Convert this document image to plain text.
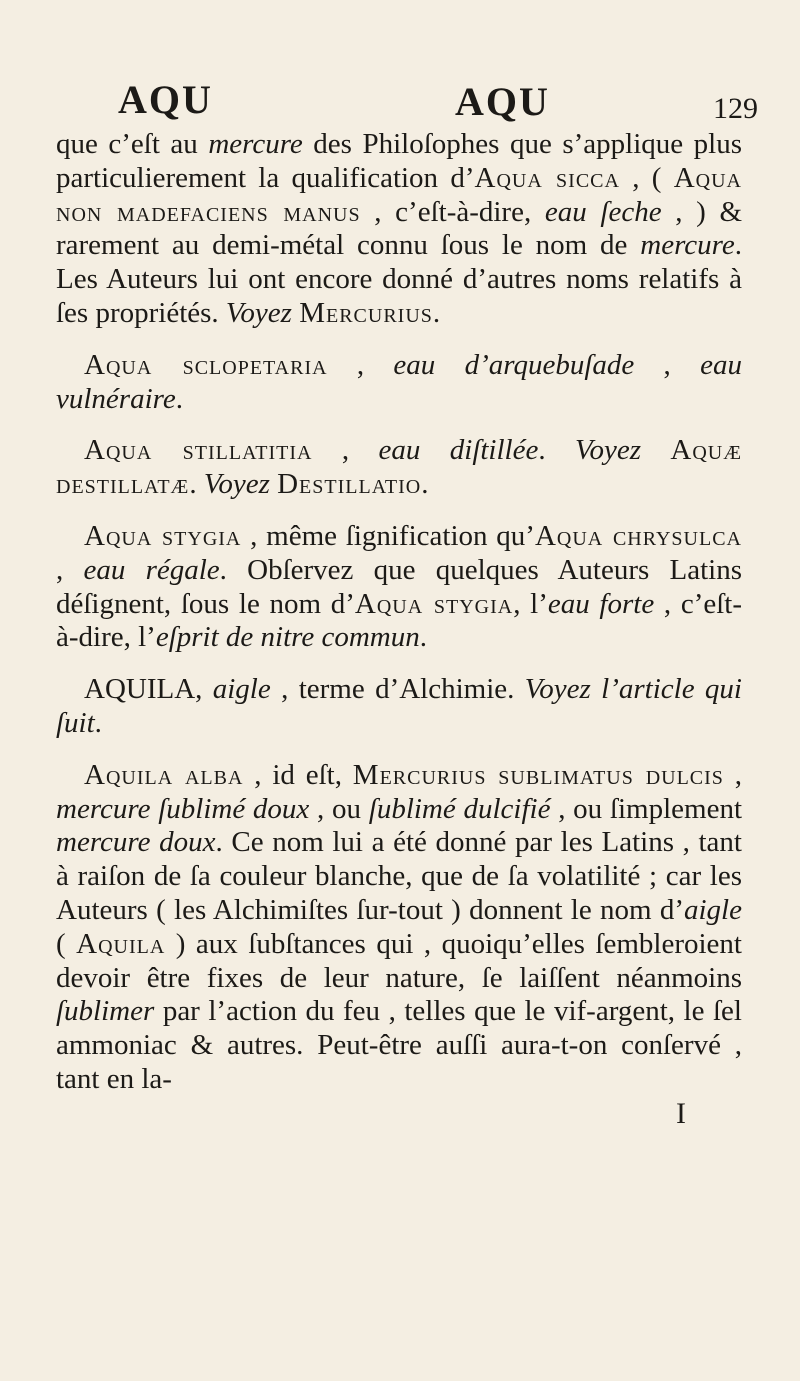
AQU	AQU	129

que c’eſt au mercure des Philoſophes que s’applique plus particulierement la qualification d’Aqua sicca , ( Aqua non madefaciens manus , c’eſt-à-dire, eau ſeche , ) & rarement au demi-métal connu ſous le nom de mercure. Les Auteurs lui ont encore donné d’autres noms relatifs à ſes propriétés. Voyez Mercurius.

Aqua sclopetaria , eau d’arquebuſade , eau vulnéraire.

Aqua stillatitia , eau diſtillée. Voyez Aquæ destillatæ. Voyez Destillatio.

Aqua stygia , même ſignification qu’Aqua chrysulca , eau régale. Obſervez que quelques Auteurs Latins déſignent, ſous le nom d’Aqua stygia, l’eau forte , c’eſt-à-dire, l’eſprit de nitre commun.

AQUILA, aigle , terme d’Alchimie. Voyez l’article qui ſuit.

Aquila alba , id eſt, Mercurius sublimatus dulcis , mercure ſublimé doux , ou ſublimé dulcifié , ou ſimplement mercure doux. Ce nom lui a été donné par les Latins , tant à raiſon de ſa couleur blanche, que de ſa volatilité ; car les Auteurs ( les Alchimiſtes ſur-tout ) donnent le nom d’aigle ( Aquila ) aux ſubſtances qui , quoiqu’elles ſembleroient devoir être fixes de leur nature, ſe laiſſent néanmoins ſublimer par l’action du feu , telles que le vif-argent, le ſel ammoniac & autres. Peut-être auſſi aura-t-on conſervé , tant en la-

I
